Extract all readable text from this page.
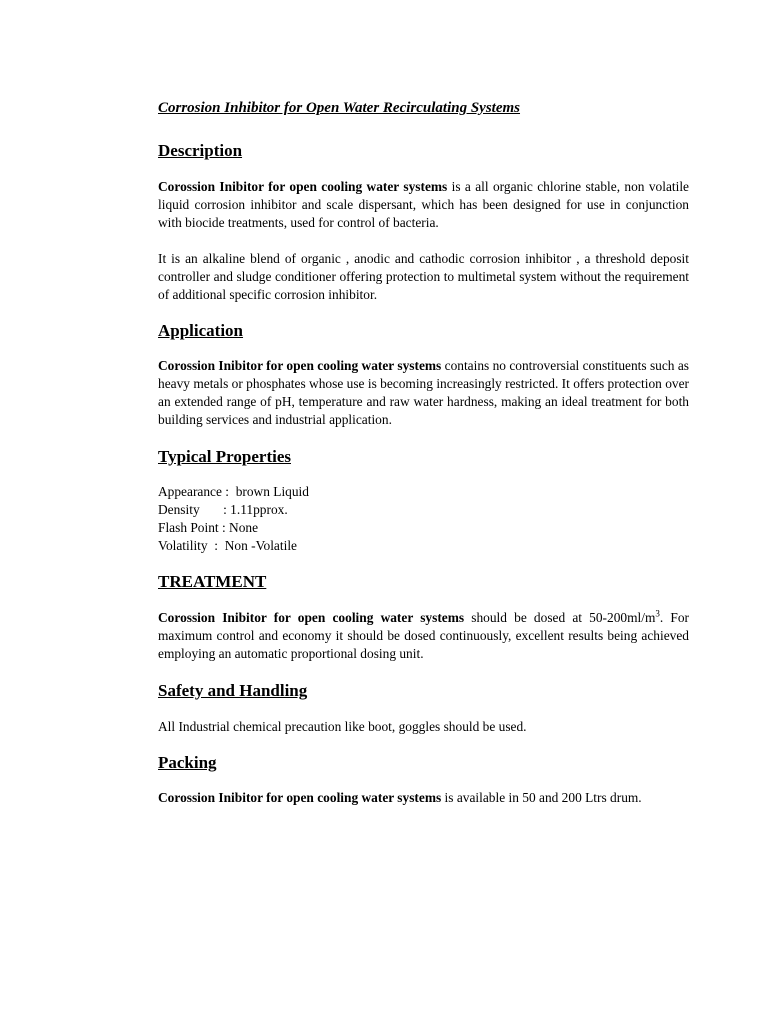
Corrosion Inhibitor for Open Water Recirculating Systems
Description

Corossion Inibitor for open cooling water systems is a all organic chlorine stable, non volatile liquid corrosion inhibitor and scale dispersant, which has been designed for use in conjunction with biocide treatments, used for control of bacteria.

It is an alkaline blend of organic , anodic and cathodic corrosion inhibitor , a threshold deposit controller and sludge conditioner offering protection to multimetal system without the requirement of additional specific corrosion inhibitor.

Application

Corossion Inibitor for open cooling water systems contains no controversial constituents such as heavy metals or phosphates whose use is becoming increasingly restricted. It offers protection over an extended range of pH, temperature and raw water hardness, making an ideal treatment for both building services and industrial application.

Typical Properties
Appearance :  brown Liquid
Density       : 1.11pprox.
Flash Point : None
Volatility  :  Non -Volatile
TREATMENT

Corossion Inibitor for open cooling water systems should be dosed at $50-200ml/m^3$. For maximum control and economy it should be dosed continuously, excellent results being achieved employing an automatic proportional dosing unit.

Safety and Handling

All Industrial chemical precaution like boot, goggles should be used.

Packing

Corossion Inibitor for open cooling water systems is available in 50 and 200 Ltrs drum.
